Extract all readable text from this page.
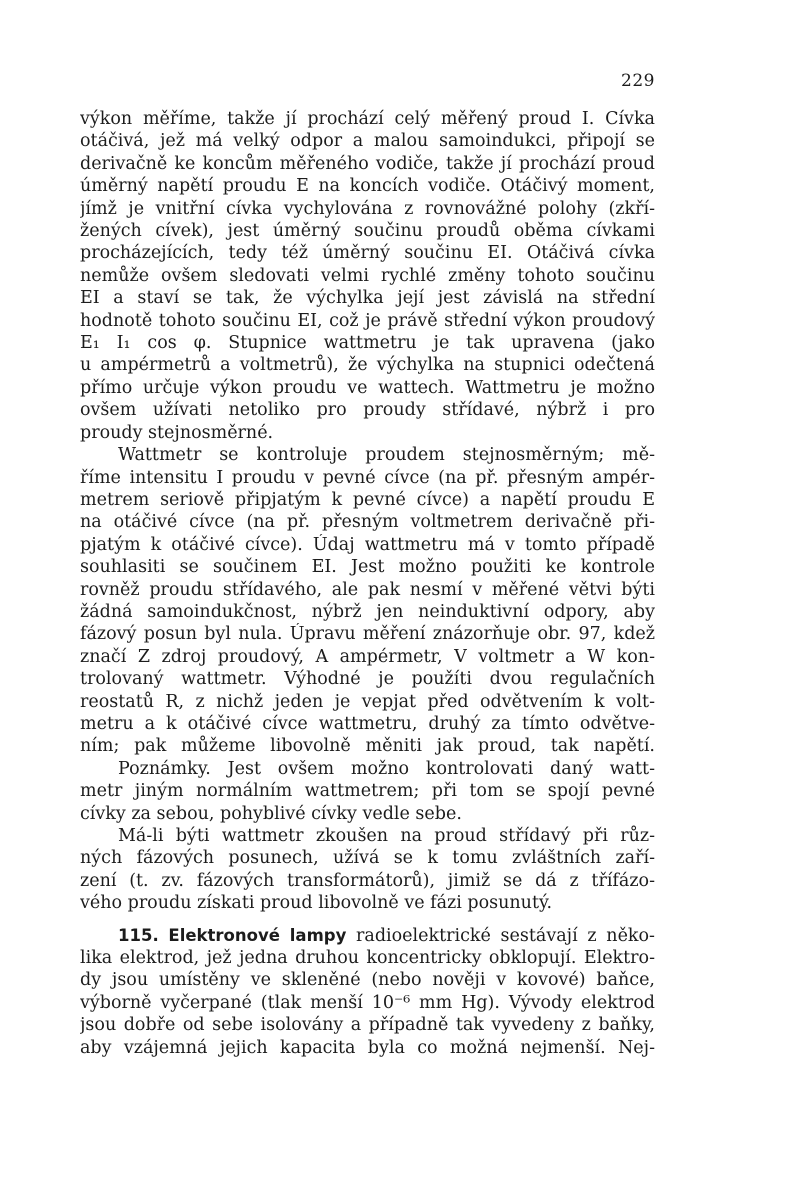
229
výkon měříme, takže jí prochází celý měřený proud I. Cívka
otáčivá, jež má velký odpor a malou samoindukci, připojí se
derivačně ke koncům měřeného vodiče, takže jí prochází proud
úměrný napětí proudu E na koncích vodiče. Otáčivý moment,
jímž je vnitřní cívka vychylována z rovnovážné polohy (zkří-
žených cívek), jest úměrný součinu proudů oběma cívkami
procházejících, tedy též úměrný součinu EI. Otáčivá cívka
nemůže ovšem sledovati velmi rychlé změny tohoto součinu
EI a staví se tak, že výchylka její jest závislá na střední
hodnotě tohoto součinu EI, což je právě střední výkon proudový
E₁ I₁ cos φ. Stupnice wattmetru je tak upravena (jako
u ampérmetrů a voltmetrů), že výchylka na stupnici odečtená
přímo určuje výkon proudu ve wattech. Wattmetru je možno
ovšem užívati netoliko pro proudy střídavé, nýbrž i pro
proudy stejnosměrné.
Wattmetr se kontroluje proudem stejnosměrným; mě-
říme intensitu I proudu v pevné cívce (na př. přesným ampér-
metrem seriově připjatým k pevné cívce) a napětí proudu E
na otáčivé cívce (na př. přesným voltmetrem derivačně při-
pjatým k otáčivé cívce). Údaj wattmetru má v tomto případě
souhlasiti se součinem EI. Jest možno použiti ke kontrole
rovněž proudu střídavého, ale pak nesmí v měřené větvi býti
žádná samoindukčnost, nýbrž jen neinduktivní odpory, aby
fázový posun byl nula. Úpravu měření znázorňuje obr. 97, kdež
značí Z zdroj proudový, A ampérmetr, V voltmetr a W kon-
trolovaný wattmetr. Výhodné je použíti dvou regulačních
reostatů R, z nichž jeden je vepjat před odvětvením k volt-
metru a k otáčivé cívce wattmetru, druhý za tímto odvětve-
ním; pak můžeme libovolně měniti jak proud, tak napětí.
Poznámky. Jest ovšem možno kontrolovati daný watt-
metr jiným normálním wattmetrem; při tom se spojí pevné
cívky za sebou, pohyblivé cívky vedle sebe.
Má-li býti wattmetr zkoušen na proud střídavý při růz-
ných fázových posunech, užívá se k tomu zvláštních zaří-
zení (t. zv. fázových transformátorů), jimiž se dá z třífázo-
vého proudu získati proud libovolně ve fázi posunutý.
115. Elektronové lampy radioelektrické sestávají z něko-
lika elektrod, jež jedna druhou koncentricky obklopují. Elektro-
dy jsou umístěny ve skleněné (nebo nověji v kovové) baňce,
výborně vyčerpané (tlak menší 10⁻⁶ mm Hg). Vývody elektrod
jsou dobře od sebe isolovány a případně tak vyvedeny z baňky,
aby vzájemná jejich kapacita byla co možná nejmenší. Nej-
